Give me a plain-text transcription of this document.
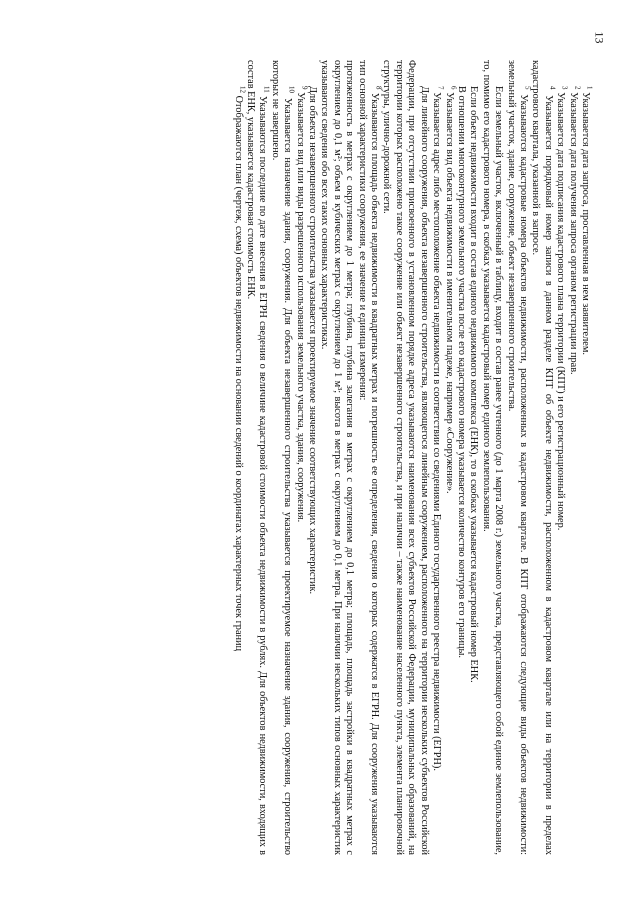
13

$^1$ Указывается дата запроса, проставленная в нем заявителем.

$^2$ Указывается дата получения запроса органом регистрации прав.

$^3$ Указывается дата подписания кадастрового плана территории (КПТ) и его регистрационный номер.

$^4$ Указывается порядковый номер записи в данном разделе КПТ об объекте недвижимости, расположенном в кадастровом квартале или на территории в пределах кадастрового квартала, указанной в запросе.

$^5$ Указываются кадастровые номера объектов недвижимости, расположенных в кадастровом квартале. В КПТ отображаются следующие виды объектов недвижимости: земельный участок, здание, сооружение, объект незавершенного строительства.

Если земельный участок, включенный в таблицу, входит в состав ранее учтенного (до 1 марта 2008 г.) земельного участка, представляющего собой единое землепользование, то, помимо его кадастрового номера, в скобках указывается кадастровый номер единого землепользования.

Если объект недвижимости входит в состав единого недвижимого комплекса (ЕНК), то в скобках указывается кадастровый номер ЕНК.

В отношении многоконтурного земельного участка после его кадастрового номера указывается количество контуров его границы.

$^6$ Указывается вид объекта недвижимости в именительном падеже, например «Сооружение».

$^7$ Указывается адрес либо местоположение объекта недвижимости в соответствии со сведениями Единого государственного реестра недвижимости (ЕГРН).

Для линейного сооружения, объекта незавершенного строительства, являющегося линейным сооружением, расположенного на территории нескольких субъектов Российской Федерации, при отсутствии присвоенного в установленном порядке адреса указываются наименования всех субъектов Российской Федерации, муниципальных образований, на территории которых расположено такое сооружение или объект незавершенного строительства, и при наличии – также наименование населенного пункта, элемента планировочной структуры, улично-дорожной сети.

$^8$ Указываются площадь объекта недвижимости в квадратных метрах и погрешность ее определения, сведения о которых содержатся в ЕГРН. Для сооружения указываются тип основной характеристики сооружения, ее значение и единица измерения:

протяженность в метрах с округлением до 1 метра; глубина, глубина залегания в метрах с округлением до 0,1 метра; площадь, площадь застройки в квадратных метрах с округлением до 0,1 м²; объем в кубических метрах с округлением до 1 м³; высота в метрах с округлением до 0,1 метра. При наличии нескольких типов основных характеристик указываются сведения обо всех таких основных характеристиках.

Для объекта незавершенного строительства указывается проектируемое значение соответствующих характеристик.

$^9$ Указывается вид или виды разрешенного использования земельного участка, здания, сооружения.

$^{10}$ Указывается назначение здания, сооружения. Для объекта незавершенного строительства указывается проектируемое назначение здания, сооружения, строительство которых не завершено.

$^{11}$ Указываются последние по дате внесения в ЕГРН сведения о величине кадастровой стоимости объекта недвижимости в рублях. Для объектов недвижимости, входящих в состав ЕНК, указывается кадастровая стоимость ЕНК.

$^{12}$ Отображаются план (чертеж, схема) объектов недвижимости на основании сведений о координатах характерных точек границ
